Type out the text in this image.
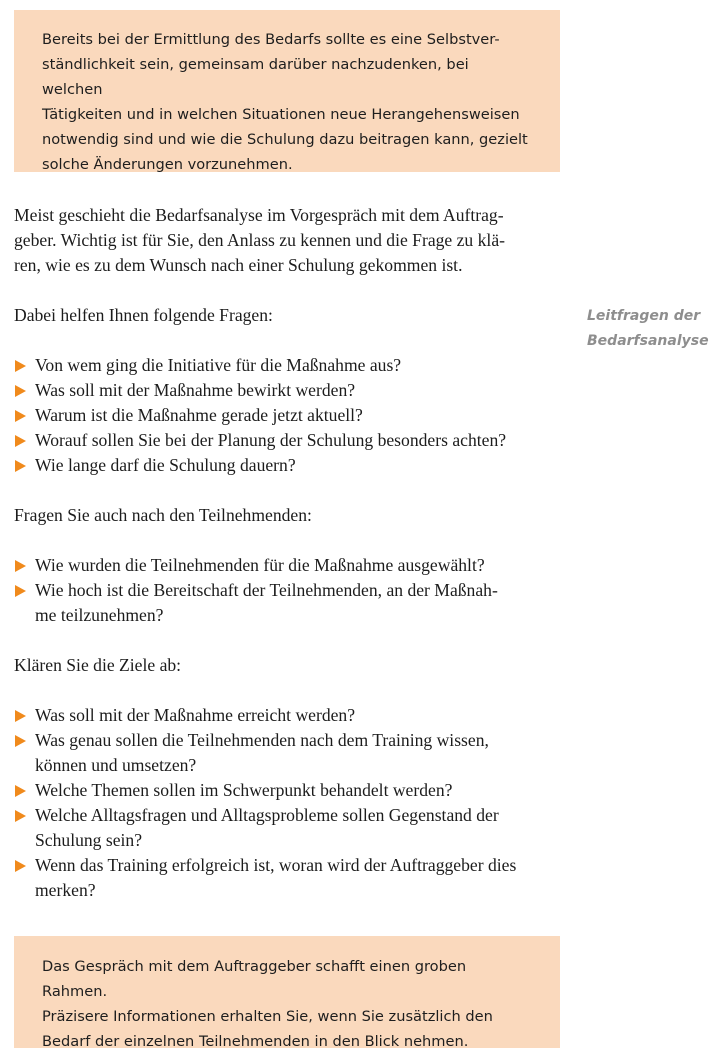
Bereits bei der Ermittlung des Bedarfs sollte es eine Selbstver-

ständlichkeit sein, gemeinsam darüber nachzudenken, bei welchen

Tätigkeiten und in welchen Situationen neue Herangehensweisen

notwendig sind und wie die Schulung dazu beitragen kann, gezielt

solche Änderungen vorzunehmen.

Meist geschieht die Bedarfsanalyse im Vorgespräch mit dem Auftrag-
geber. Wichtig ist für Sie, den Anlass zu kennen und die Frage zu klä-
ren, wie es zu dem Wunsch nach einer Schulung gekommen ist.
Dabei helfen Ihnen folgende Fragen:	Leitfragen der
Bedarfsanalyse
Von wem ging die Initiative für die Maßnahme aus?
Was soll mit der Maßnahme bewirkt werden?
Warum ist die Maßnahme gerade jetzt aktuell?
Worauf sollen Sie bei der Planung der Schulung besonders achten?
Wie lange darf die Schulung dauern?
Fragen Sie auch nach den Teilnehmenden:
Wie wurden die Teilnehmenden für die Maßnahme ausgewählt?
Wie hoch ist die Bereitschaft der Teilnehmenden, an der Maßnah-
me teilzunehmen?
Klären Sie die Ziele ab:
Was soll mit der Maßnahme erreicht werden?
Was genau sollen die Teilnehmenden nach dem Training wissen,
können und umsetzen?
Welche Themen sollen im Schwerpunkt behandelt werden?
Welche Alltagsfragen und Alltagsprobleme sollen Gegenstand der
Schulung sein?
Wenn das Training erfolgreich ist, woran wird der Auftraggeber dies
merken?

Das Gespräch mit dem Auftraggeber schafft einen groben Rahmen.

Präzisere Informationen erhalten Sie, wenn Sie zusätzlich den

Bedarf der einzelnen Teilnehmenden in den Blick nehmen.
